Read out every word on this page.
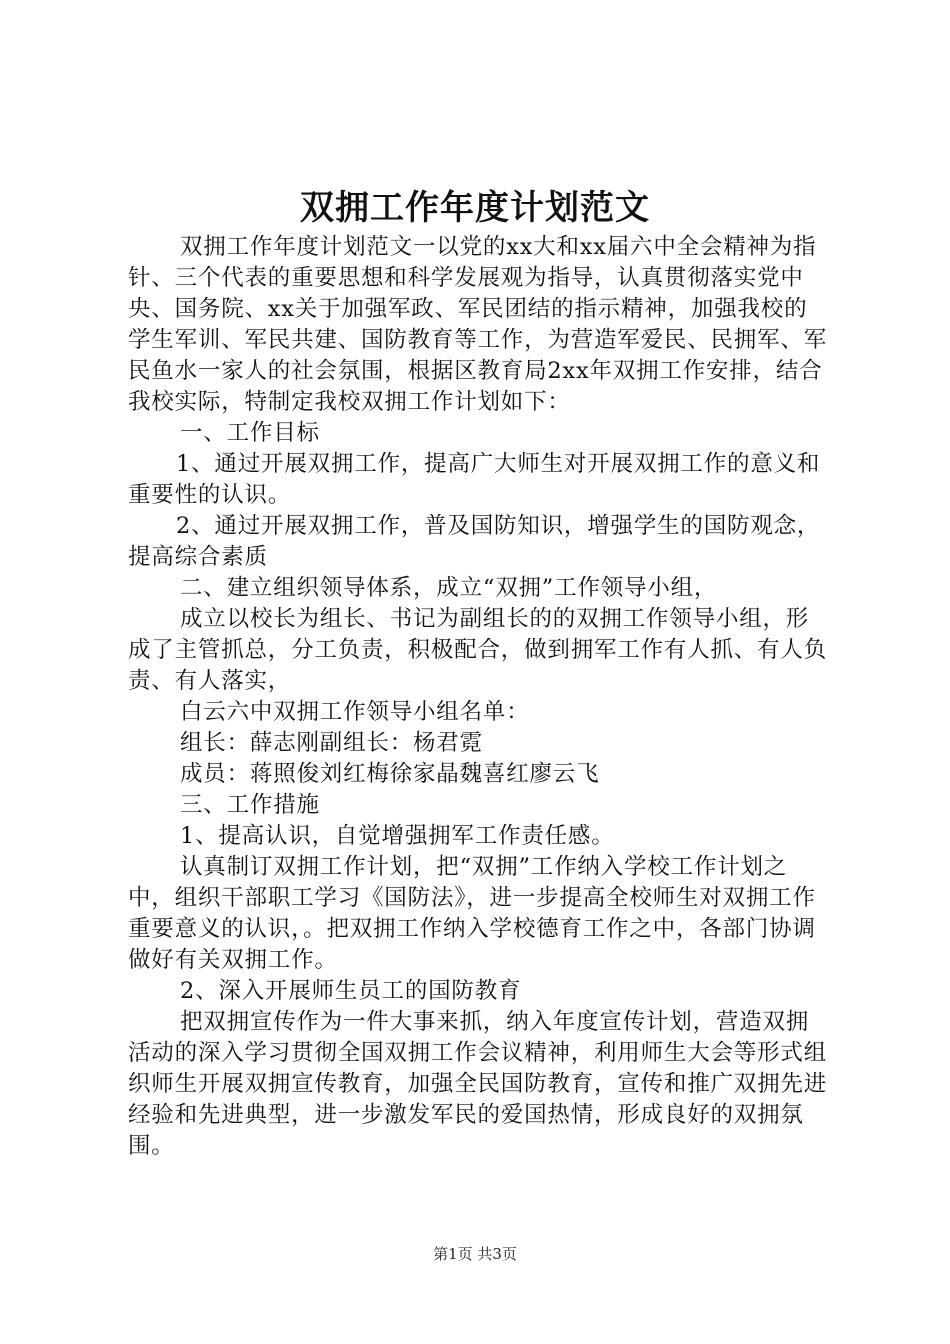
双拥工作年度计划范文

双拥工作年度计划范文一以党的xx大和xx届六中全会精神为指针、三个代表的重要思想和科学发展观为指导，认真贯彻落实党中央、国务院、xx关于加强军政、军民团结的指示精神，加强我校的学生军训、军民共建、国防教育等工作，为营造军爱民、民拥军、军民鱼水一家人的社会氛围，根据区教育局2xx年双拥工作安排，结合我校实际，特制定我校双拥工作计划如下：

一、工作目标

1、通过开展双拥工作，提高广大师生对开展双拥工作的意义和重要性的认识。

2、通过开展双拥工作，普及国防知识，增强学生的国防观念，提高综合素质

二、建立组织领导体系，成立“双拥”工作领导小组，

成立以校长为组长、书记为副组长的的双拥工作领导小组，形成了主管抓总，分工负责，积极配合，做到拥军工作有人抓、有人负责、有人落实，

白云六中双拥工作领导小组名单：

组长：薛志刚副组长：杨君霓

成员：蒋照俊刘红梅徐家晶魏喜红廖云飞

三、工作措施

1、提高认识，自觉增强拥军工作责任感。

认真制订双拥工作计划，把“双拥”工作纳入学校工作计划之中，组织干部职工学习《国防法》，进一步提高全校师生对双拥工作重要意义的认识，。把双拥工作纳入学校德育工作之中，各部门协调做好有关双拥工作。

2、深入开展师生员工的国防教育

把双拥宣传作为一件大事来抓，纳入年度宣传计划，营造双拥活动的深入学习贯彻全国双拥工作会议精神，利用师生大会等形式组织师生开展双拥宣传教育，加强全民国防教育，宣传和推广双拥先进经验和先进典型，进一步激发军民的爱国热情，形成良好的双拥氛围。

第1页 共3页
